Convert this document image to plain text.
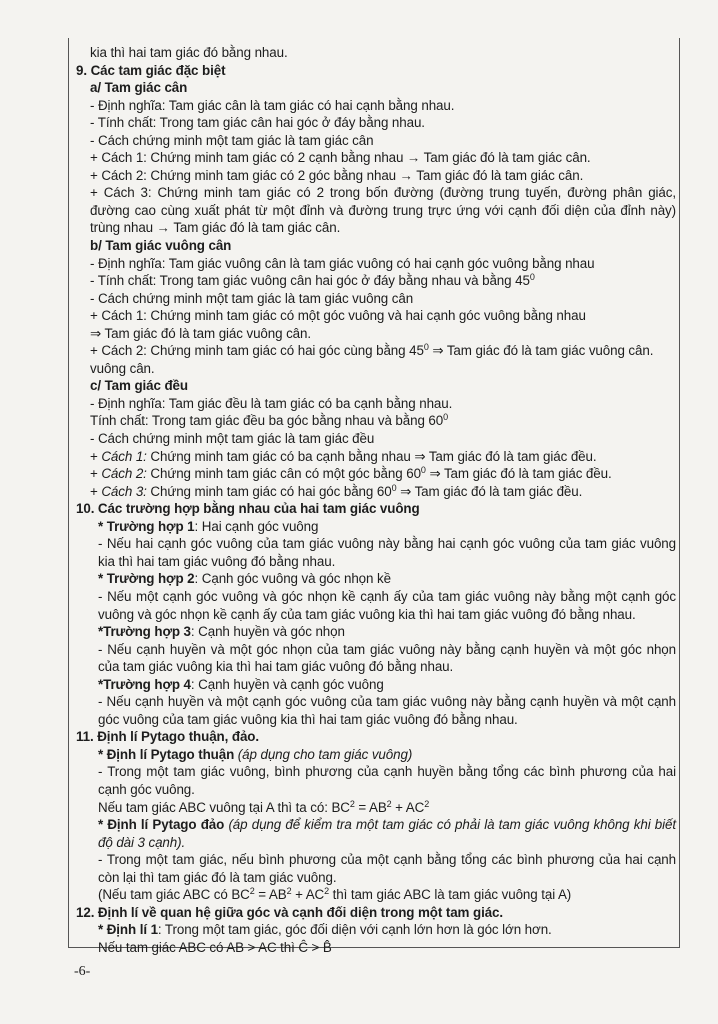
kia thì hai tam giác đó bằng nhau.
9. Các tam giác đặc biệt
a/ Tam giác cân
- Định nghĩa: Tam giác cân là tam giác có hai cạnh bằng nhau.
- Tính chất: Trong tam giác cân hai góc ở đáy bằng nhau.
- Cách chứng minh một tam giác là tam giác cân
+ Cách 1: Chứng minh tam giác có 2 cạnh bằng nhau → Tam giác đó là tam giác cân.
+ Cách 2: Chứng minh tam giác có 2 góc bằng nhau → Tam giác đó là tam giác cân.
+ Cách 3: Chứng minh tam giác có 2 trong bốn đường (đường trung tuyến, đường phân giác, đường cao cùng xuất phát từ một đỉnh và đường trung trực ứng với cạnh đối diện của đỉnh này) trùng nhau → Tam giác đó là tam giác cân.
b/ Tam giác vuông cân
- Định nghĩa: Tam giác vuông cân là tam giác vuông có hai cạnh góc vuông bằng nhau
- Tính chất: Trong tam giác vuông cân hai góc ở đáy bằng nhau và bằng $45^0$
- Cách chứng minh một tam giác là tam giác vuông cân
+ Cách 1: Chứng minh tam giác có một góc vuông và hai cạnh góc vuông bằng nhau
⇒ Tam giác đó là tam giác vuông cân.
+ Cách 2: Chứng minh tam giác có hai góc cùng bằng $45^0$ ⇒ Tam giác đó là tam giác vuông cân.
vuông cân.
c/ Tam giác đều
- Định nghĩa: Tam giác đều là tam giác có ba cạnh bằng nhau.
Tính chất: Trong tam giác đều ba góc bằng nhau và bằng $60^0$
- Cách chứng minh một tam giác là tam giác đều
+ Cách 1: Chứng minh tam giác có ba cạnh bằng nhau ⇒ Tam giác đó là tam giác đều.
+ Cách 2: Chứng minh tam giác cân có một góc bằng $60^0$ ⇒ Tam giác đó là tam giác đều.
+ Cách 3: Chứng minh tam giác có hai góc bằng $60^0$ ⇒ Tam giác đó là tam giác đều.
10. Các trường hợp bằng nhau của hai tam giác vuông
* Trường hợp 1: Hai cạnh góc vuông
- Nếu hai cạnh góc vuông của tam giác vuông này bằng hai cạnh góc vuông của tam giác vuông kia thì hai tam giác vuông đó bằng nhau.
* Trường hợp 2: Cạnh góc vuông và góc nhọn kề
- Nếu một cạnh góc vuông và góc nhọn kề cạnh ấy của tam giác vuông này bằng một cạnh góc vuông và góc nhọn kề cạnh ấy của tam giác vuông kia thì hai tam giác vuông đó bằng nhau.
*Trường hợp 3: Cạnh huyền và góc nhọn
- Nếu cạnh huyền và một góc nhọn của tam giác vuông này bằng cạnh huyền và một góc nhọn của tam giác vuông kia thì hai tam giác vuông đó bằng nhau.
*Trường hợp 4: Cạnh huyền và cạnh góc vuông
- Nếu cạnh huyền và một cạnh góc vuông của tam giác vuông này bằng cạnh huyền và một cạnh góc vuông của tam giác vuông kia thì hai tam giác vuông đó bằng nhau.
11. Định lí Pytago thuận, đảo.
* Định lí Pytago thuận (áp dụng cho tam giác vuông)
- Trong một tam giác vuông, bình phương của cạnh huyền bằng tổng các bình phương của hai cạnh góc vuông.
Nếu tam giác ABC vuông tại A thì ta có: $BC^2 = AB^2 + AC^2$
* Định lí Pytago đảo (áp dụng để kiểm tra một tam giác có phải là tam giác vuông không khi biết độ dài 3 cạnh).
- Trong một tam giác, nếu bình phương của một cạnh bằng tổng các bình phương của hai cạnh còn lại thì tam giác đó là tam giác vuông.
(Nếu tam giác ABC có $BC^2 = AB^2 + AC^2$ thì tam giác ABC là tam giác vuông tại A)
12. Định lí về quan hệ giữa góc và cạnh đối diện trong một tam giác.
* Định lí 1: Trong một tam giác, góc đối diện với cạnh lớn hơn là góc lớn hơn.
Nếu tam giác ABC có AB > AC thì Ĉ > B̂
-6-
